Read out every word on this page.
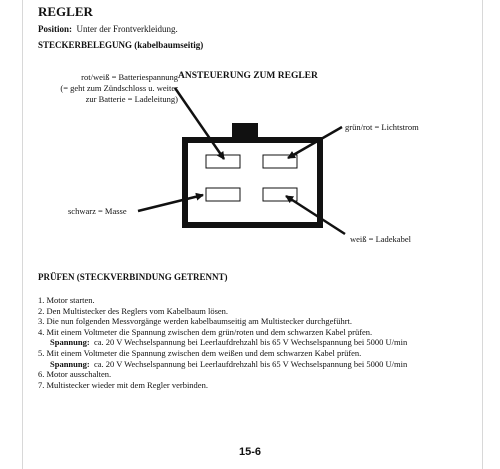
REGLER
Position: Unter der Frontverkleidung.
STECKERBELEGUNG (kabelbaumseitig)
rot/weiß = Batteriespannung
(= geht zum Zündschloss u. weiter
zur Batterie = Ladeleitung)
ANSTEUERUNG ZUM REGLER
grün/rot = Lichtstrom
schwarz = Masse
weiß = Ladekabel
PRÜFEN (STECKVERBINDUNG GETRENNT)
1. Motor starten.
2. Den Multistecker des Reglers vom Kabelbaum lösen.
3. Die nun folgenden Messvorgänge werden kabelbaumseitig am Multistecker durchgeführt.
4. Mit einem Voltmeter die Spannung zwischen dem grün/roten und dem schwarzen Kabel prüfen.
Spannung: ca. 20 V Wechselspannung bei Leerlaufdrehzahl bis 65 V Wechselspannung bei 5000 U/min
5. Mit einem Voltmeter die Spannung zwischen dem weißen und dem schwarzen Kabel prüfen.
Spannung: ca. 20 V Wechselspannung bei Leerlaufdrehzahl bis 65 V Wechselspannung bei 5000 U/min
6. Motor ausschalten.
7. Multistecker wieder mit dem Regler verbinden.
15-6
